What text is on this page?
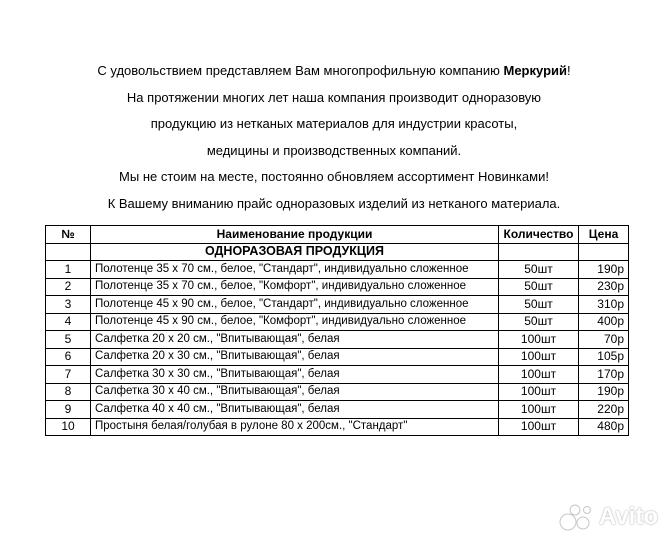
С удовольствием представляем Вам многопрофильную компанию Меркурий!

На протяжении многих лет наша компания производит одноразовую

продукцию из нетканых материалов для индустрии красоты,

медицины и производственных компаний.

Мы не стоим на месте, постоянно обновляем ассортимент Новинками!

К Вашему вниманию прайс одноразовых изделий из нетканого материала.

№	Наименование продукции	Количество	Цена
	ОДНОРАЗОВАЯ ПРОДУКЦИЯ		
1	Полотенце 35 х 70 см., белое, "Стандарт", индивидуально сложенное	50шт	190р
2	Полотенце 35 х 70 см., белое, "Комфорт", индивидуально сложенное	50шт	230р
3	Полотенце 45 х 90 см., белое, "Стандарт", индивидуально сложенное	50шт	310р
4	Полотенце 45 х 90 см., белое, "Комфорт", индивидуально сложенное	50шт	400р
5	Салфетка 20 х 20 см., "Впитывающая", белая	100шт	70р
6	Салфетка 20 х 30 см., "Впитывающая", белая	100шт	105р
7	Салфетка 30 х 30 см., "Впитывающая", белая	100шт	170р
8	Салфетка 30 х 40 см., "Впитывающая", белая	100шт	190р
9	Салфетка 40 х 40 см., "Впитывающая", белая	100шт	220р
10	Простыня белая/голубая в рулоне 80 х 200см., "Стандарт"	100шт	480р
Avito
